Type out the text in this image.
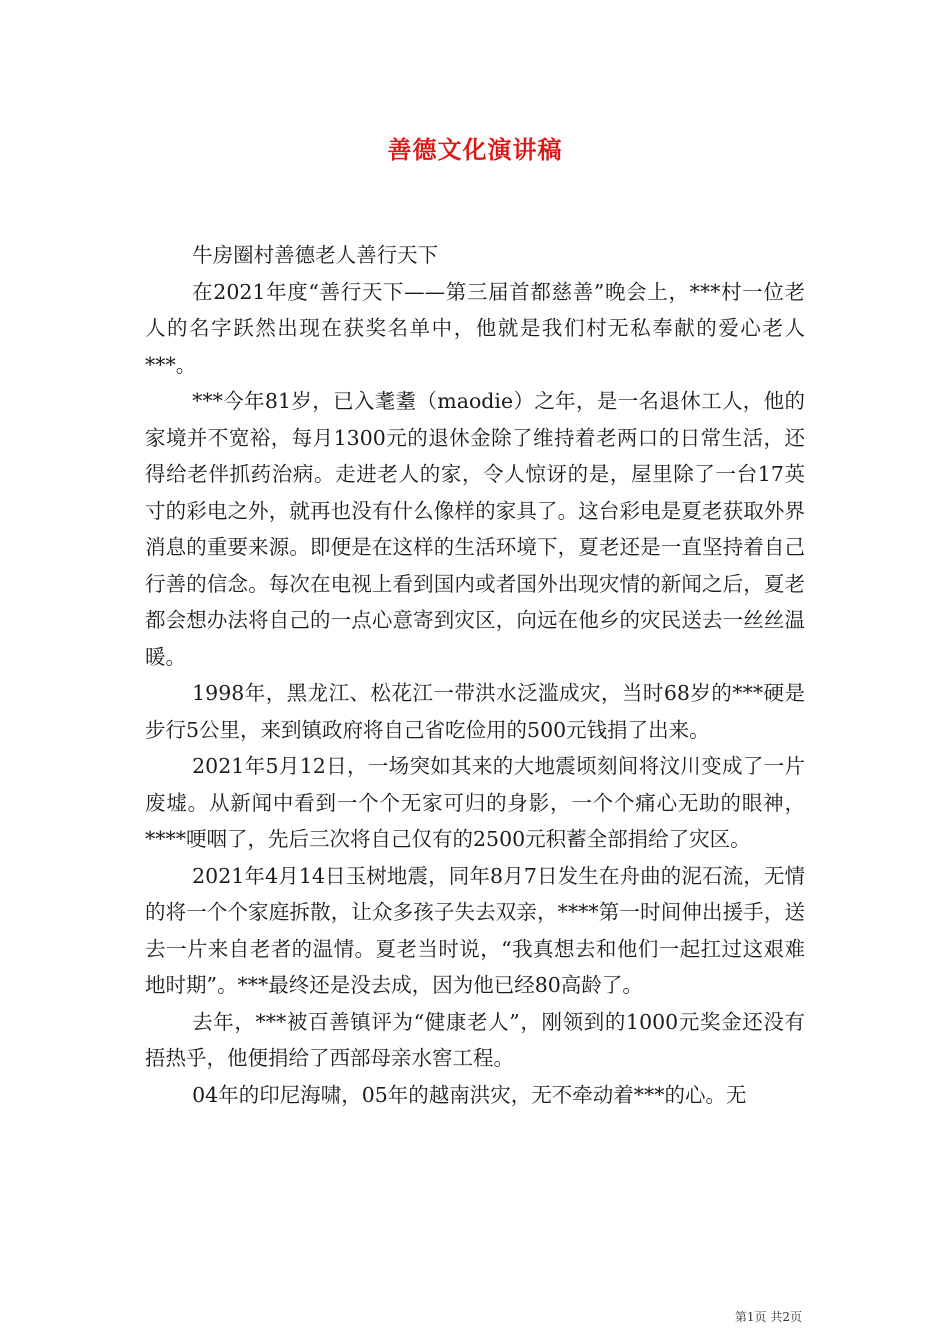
善德文化演讲稿

牛房圈村善德老人善行天下

在2021年度“善行天下——第三届首都慈善”晚会上，***村一位老人的名字跃然出现在获奖名单中，他就是我们村无私奉献的爱心老人***。

***今年81岁，已入耄耋（maodie）之年，是一名退休工人，他的家境并不宽裕，每月1300元的退休金除了维持着老两口的日常生活，还得给老伴抓药治病。走进老人的家，令人惊讶的是，屋里除了一台17英寸的彩电之外，就再也没有什么像样的家具了。这台彩电是夏老获取外界消息的重要来源。即便是在这样的生活环境下，夏老还是一直坚持着自己行善的信念。每次在电视上看到国内或者国外出现灾情的新闻之后，夏老都会想办法将自己的一点心意寄到灾区，向远在他乡的灾民送去一丝丝温暖。

1998年，黑龙江、松花江一带洪水泛滥成灾，当时68岁的***硬是步行5公里，来到镇政府将自己省吃俭用的500元钱捐了出来。

2021年5月12日，一场突如其来的大地震顷刻间将汶川变成了一片废墟。从新闻中看到一个个无家可归的身影，一个个痛心无助的眼神，****哽咽了，先后三次将自己仅有的2500元积蓄全部捐给了灾区。

2021年4月14日玉树地震，同年8月7日发生在舟曲的泥石流，无情的将一个个家庭拆散，让众多孩子失去双亲，****第一时间伸出援手，送去一片来自老者的温情。夏老当时说，“我真想去和他们一起扛过这艰难地时期”。***最终还是没去成，因为他已经80高龄了。

去年，***被百善镇评为“健康老人”，刚领到的1000元奖金还没有捂热乎，他便捐给了西部母亲水窖工程。

04年的印尼海啸，05年的越南洪灾，无不牵动着***的心。无

第1页 共2页
